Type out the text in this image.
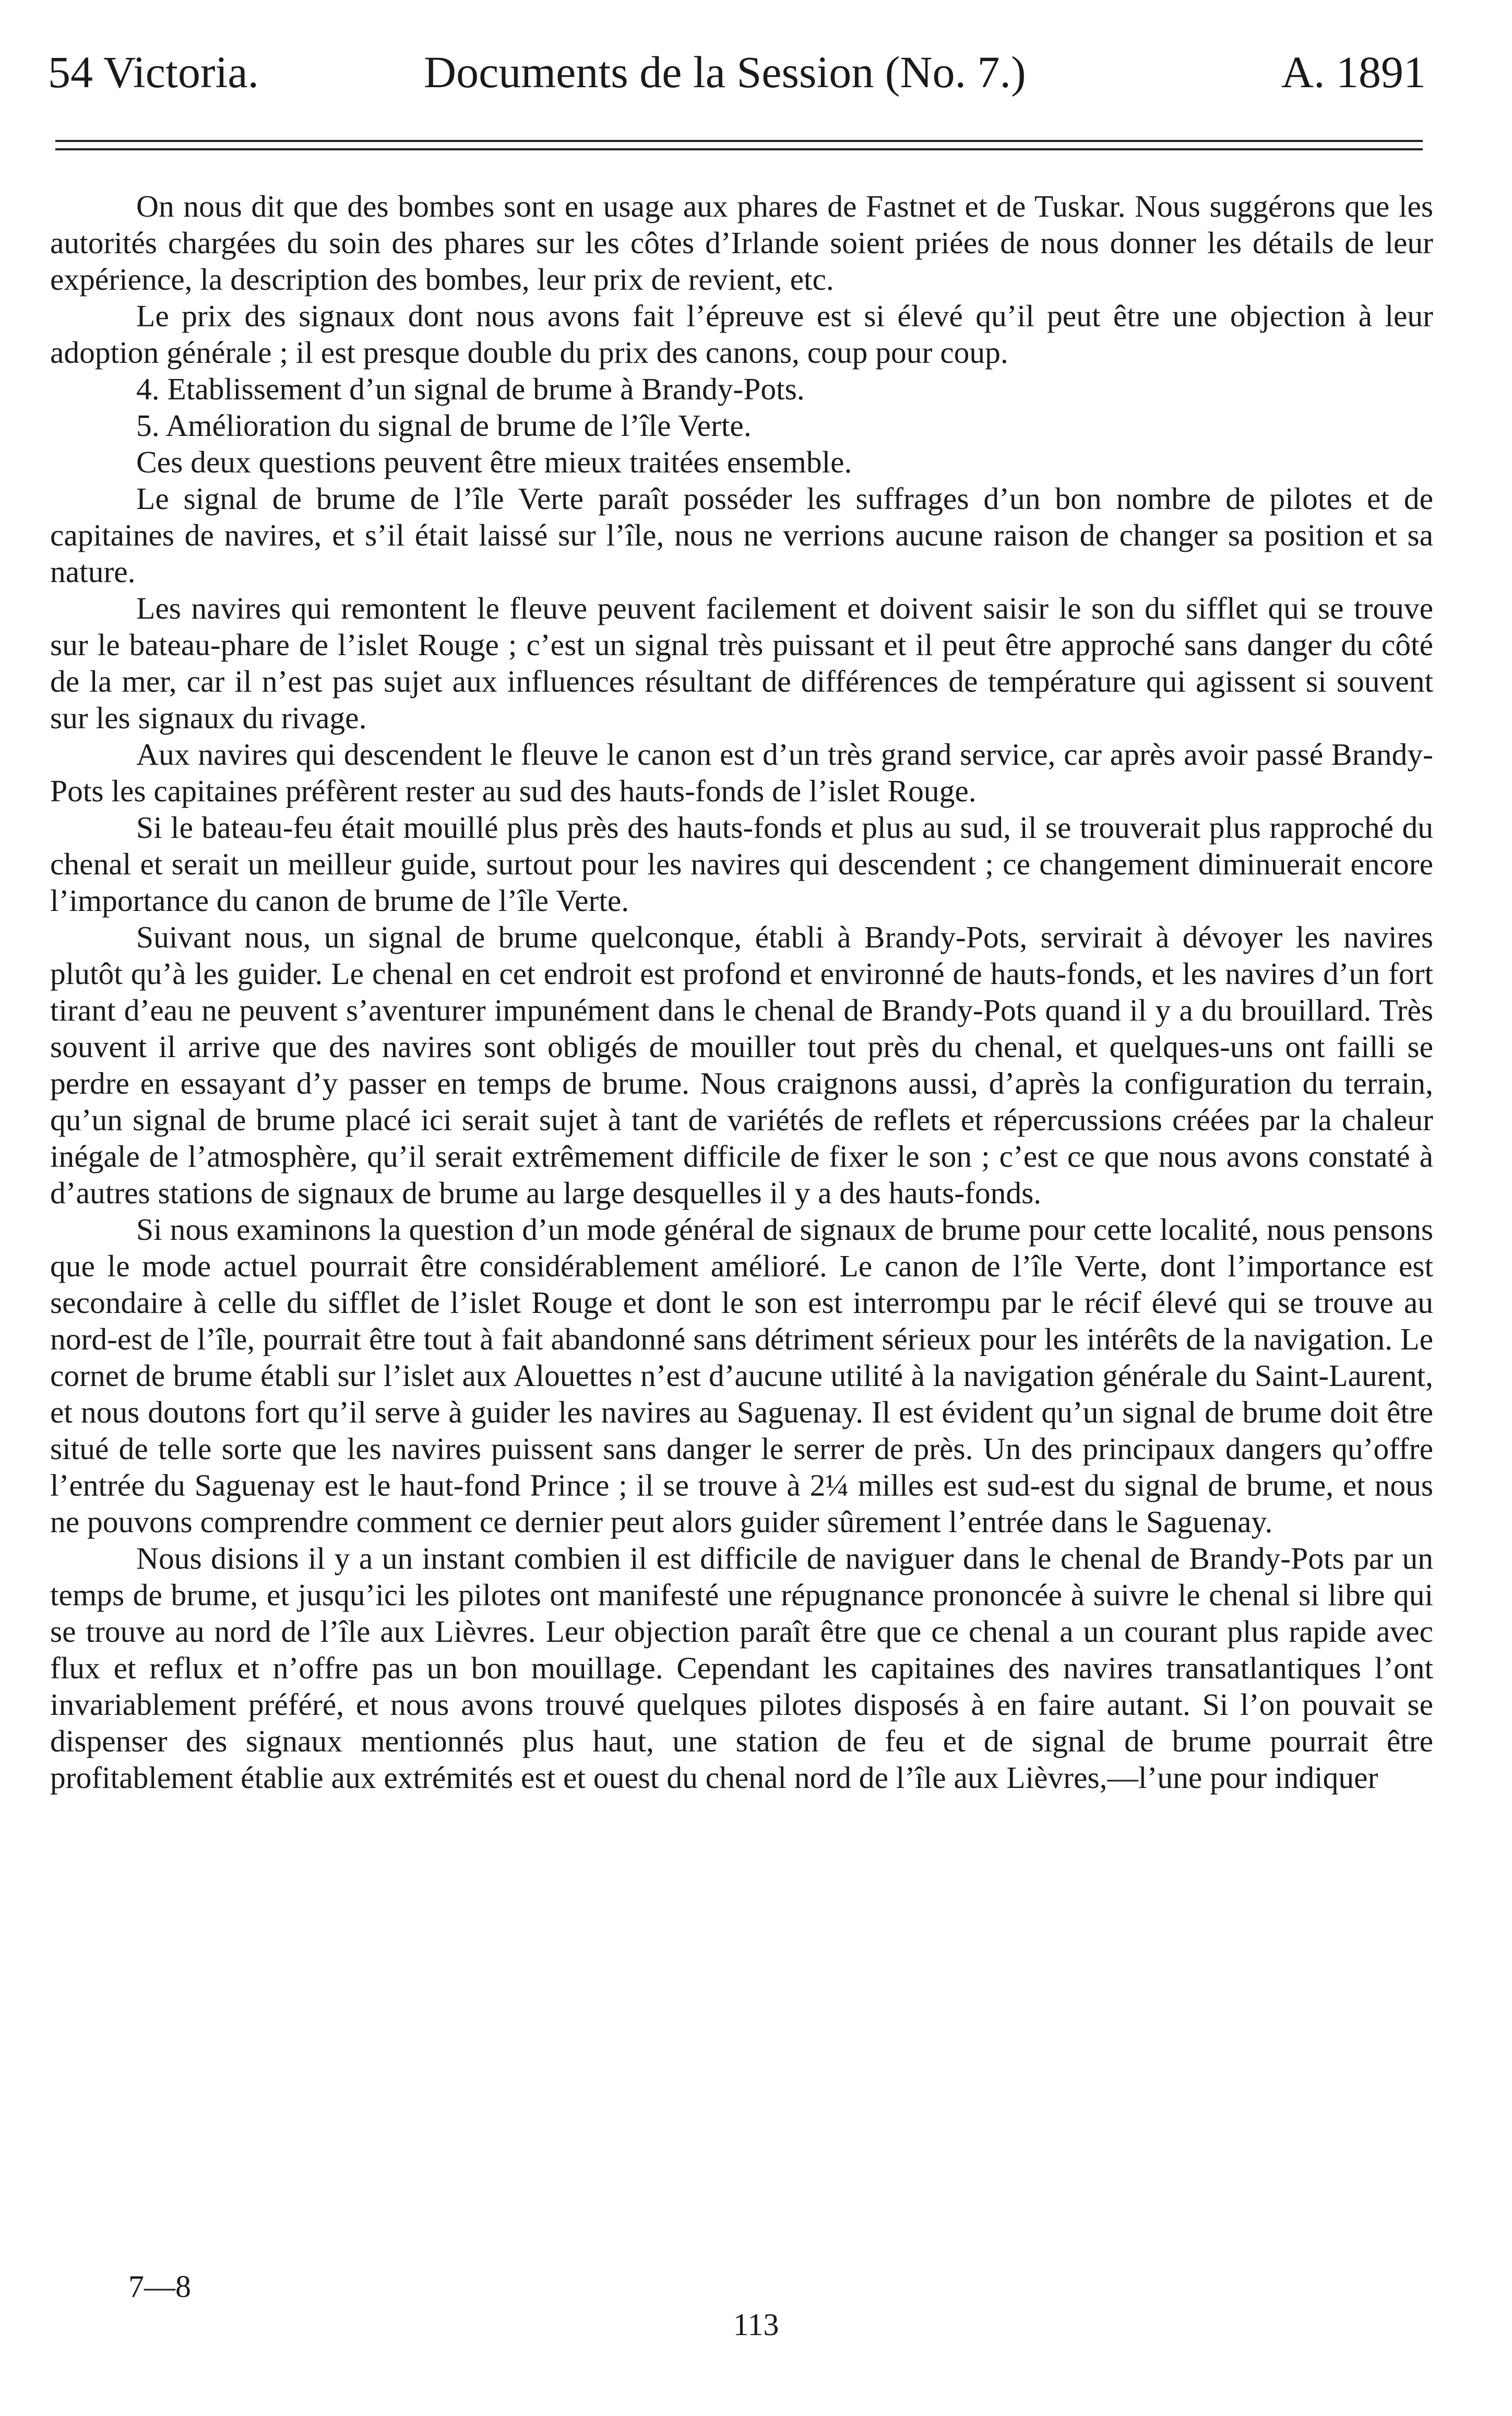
54 Victoria.	Documents de la Session (No. 7.)	A. 1891

On nous dit que des bombes sont en usage aux phares de Fastnet et de Tuskar. Nous suggérons que les autorités chargées du soin des phares sur les côtes d’Irlande soient priées de nous donner les détails de leur expérience, la description des bombes, leur prix de revient, etc.

Le prix des signaux dont nous avons fait l’épreuve est si élevé qu’il peut être une objection à leur adoption générale ; il est presque double du prix des canons, coup pour coup.

4. Etablissement d’un signal de brume à Brandy-Pots.

5. Amélioration du signal de brume de l’île Verte.

Ces deux questions peuvent être mieux traitées ensemble.

Le signal de brume de l’île Verte paraît posséder les suffrages d’un bon nombre de pilotes et de capitaines de navires, et s’il était laissé sur l’île, nous ne verrions aucune raison de changer sa position et sa nature.

Les navires qui remontent le fleuve peuvent facilement et doivent saisir le son du sifflet qui se trouve sur le bateau-phare de l’islet Rouge ; c’est un signal très puissant et il peut être approché sans danger du côté de la mer, car il n’est pas sujet aux influences résultant de différences de température qui agissent si souvent sur les signaux du rivage.

Aux navires qui descendent le fleuve le canon est d’un très grand service, car après avoir passé Brandy-Pots les capitaines préfèrent rester au sud des hauts-fonds de l’islet Rouge.

Si le bateau-feu était mouillé plus près des hauts-fonds et plus au sud, il se trouverait plus rapproché du chenal et serait un meilleur guide, surtout pour les navires qui descendent ; ce changement diminuerait encore l’importance du canon de brume de l’île Verte.

Suivant nous, un signal de brume quelconque, établi à Brandy-Pots, servirait à dévoyer les navires plutôt qu’à les guider. Le chenal en cet endroit est profond et environné de hauts-fonds, et les navires d’un fort tirant d’eau ne peuvent s’aventurer impunément dans le chenal de Brandy-Pots quand il y a du brouillard. Très souvent il arrive que des navires sont obligés de mouiller tout près du chenal, et quelques-uns ont failli se perdre en essayant d’y passer en temps de brume. Nous craignons aussi, d’après la configuration du terrain, qu’un signal de brume placé ici serait sujet à tant de variétés de reflets et répercussions créées par la chaleur inégale de l’atmosphère, qu’il serait extrêmement difficile de fixer le son ; c’est ce que nous avons constaté à d’autres stations de signaux de brume au large desquelles il y a des hauts-fonds.

Si nous examinons la question d’un mode général de signaux de brume pour cette localité, nous pensons que le mode actuel pourrait être considérablement amélioré. Le canon de l’île Verte, dont l’importance est secondaire à celle du sifflet de l’islet Rouge et dont le son est interrompu par le récif élevé qui se trouve au nord-est de l’île, pourrait être tout à fait abandonné sans détriment sérieux pour les intérêts de la navigation. Le cornet de brume établi sur l’islet aux Alouettes n’est d’aucune utilité à la navigation générale du Saint-Laurent, et nous doutons fort qu’il serve à guider les navires au Saguenay. Il est évident qu’un signal de brume doit être situé de telle sorte que les navires puissent sans danger le serrer de près. Un des principaux dangers qu’offre l’entrée du Saguenay est le haut-fond Prince ; il se trouve à 2¼ milles est sud-est du signal de brume, et nous ne pouvons comprendre comment ce dernier peut alors guider sûrement l’entrée dans le Saguenay.

Nous disions il y a un instant combien il est difficile de naviguer dans le chenal de Brandy-Pots par un temps de brume, et jusqu’ici les pilotes ont manifesté une répugnance prononcée à suivre le chenal si libre qui se trouve au nord de l’île aux Lièvres. Leur objection paraît être que ce chenal a un courant plus rapide avec flux et reflux et n’offre pas un bon mouillage. Cependant les capitaines des navires transatlantiques l’ont invariablement préféré, et nous avons trouvé quelques pilotes disposés à en faire autant. Si l’on pouvait se dispenser des signaux mentionnés plus haut, une station de feu et de signal de brume pourrait être profitablement établie aux extrémités est et ouest du chenal nord de l’île aux Lièvres,—l’une pour indiquer

7—8
113
